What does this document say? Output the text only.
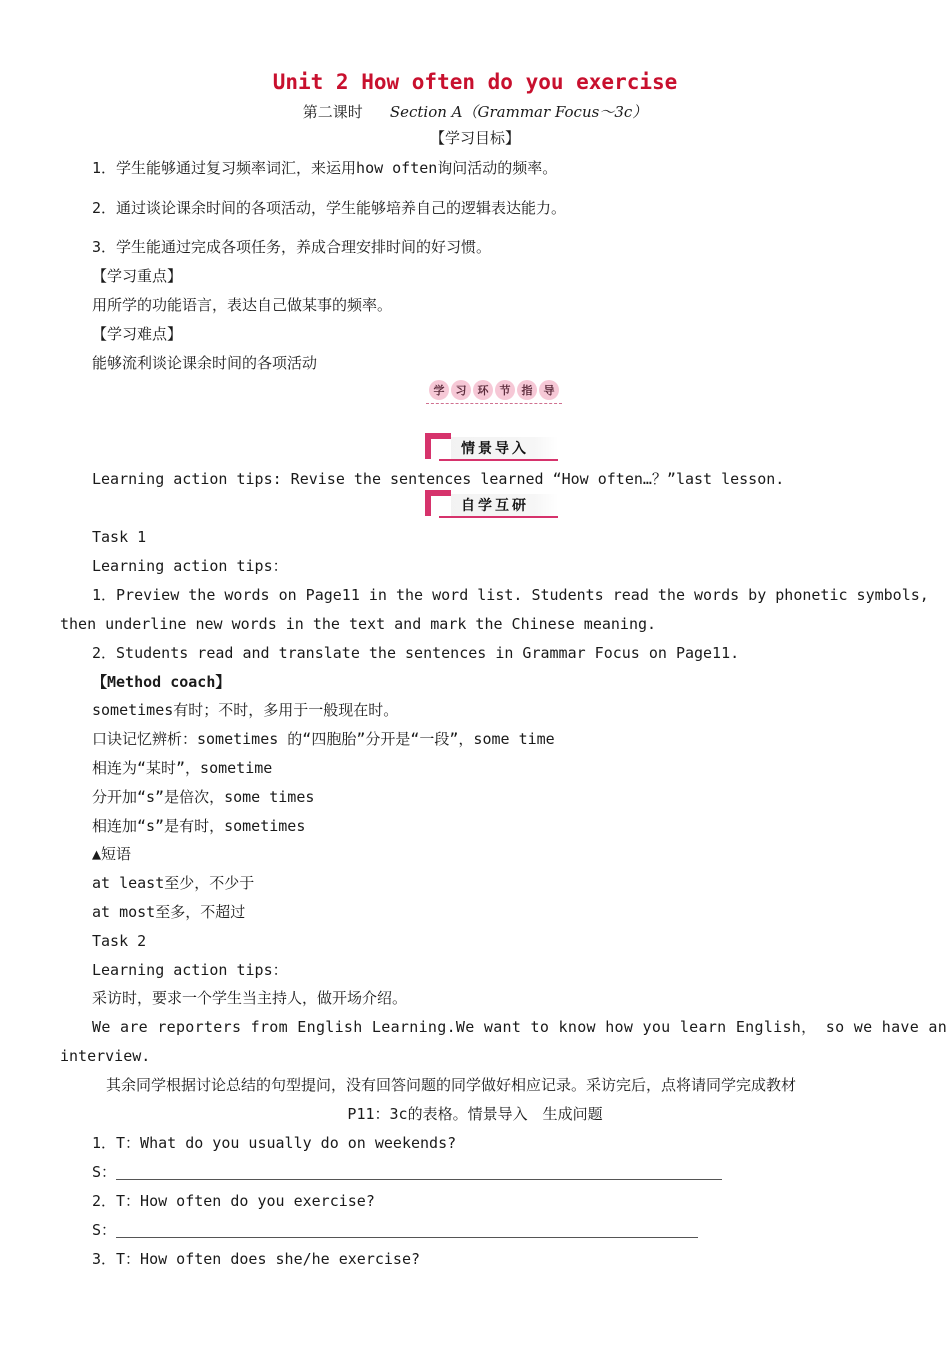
Unit 2 How often do you exercise
第二课时 Section A（Grammar Focus～3c）
【学习目标】
1．学生能够通过复习频率词汇，来运用how often询问活动的频率。
2．通过谈论课余时间的各项活动，学生能够培养自己的逻辑表达能力。
3．学生能通过完成各项任务，养成合理安排时间的好习惯。
【学习重点】
用所学的功能语言，表达自己做某事的频率。
【学习难点】
能够流利谈论课余时间的各项活动
学	习	环	节	指	导
情景导入
Learning action tips: Revise the sentences learned “How often…？”last lesson.
自学互研
Task 1
Learning action tips：
1．Preview the words on Page11 in the word list. Students read the words by phonetic symbols,
then underline new words in the text and mark the Chinese meaning.
2．Students read and translate the sentences in Grammar Focus on Page11.
【Method coach】
sometimes有时；不时，多用于一般现在时。
口诀记忆辨析：sometimes 的“四胞胎”分开是“一段”，some time
相连为“某时”，sometime
分开加“s”是倍次，some times
相连加“s”是有时，sometimes
▲短语
at least至少，不少于
at most至多，不超过
Task 2
Learning action tips：
采访时，要求一个学生当主持人，做开场介绍。
We are reporters from English Learning.We want to know how you learn English， so we have an
interview.
其余同学根据讨论总结的句型提问，没有回答问题的同学做好相应记录。采访完后，点将请同学完成教材
P11：3c的表格。情景导入　生成问题
1．T：What do you usually do on weekends?
S：
2．T：How often do you exercise?
S：
3．T：How often does she/he exercise?
